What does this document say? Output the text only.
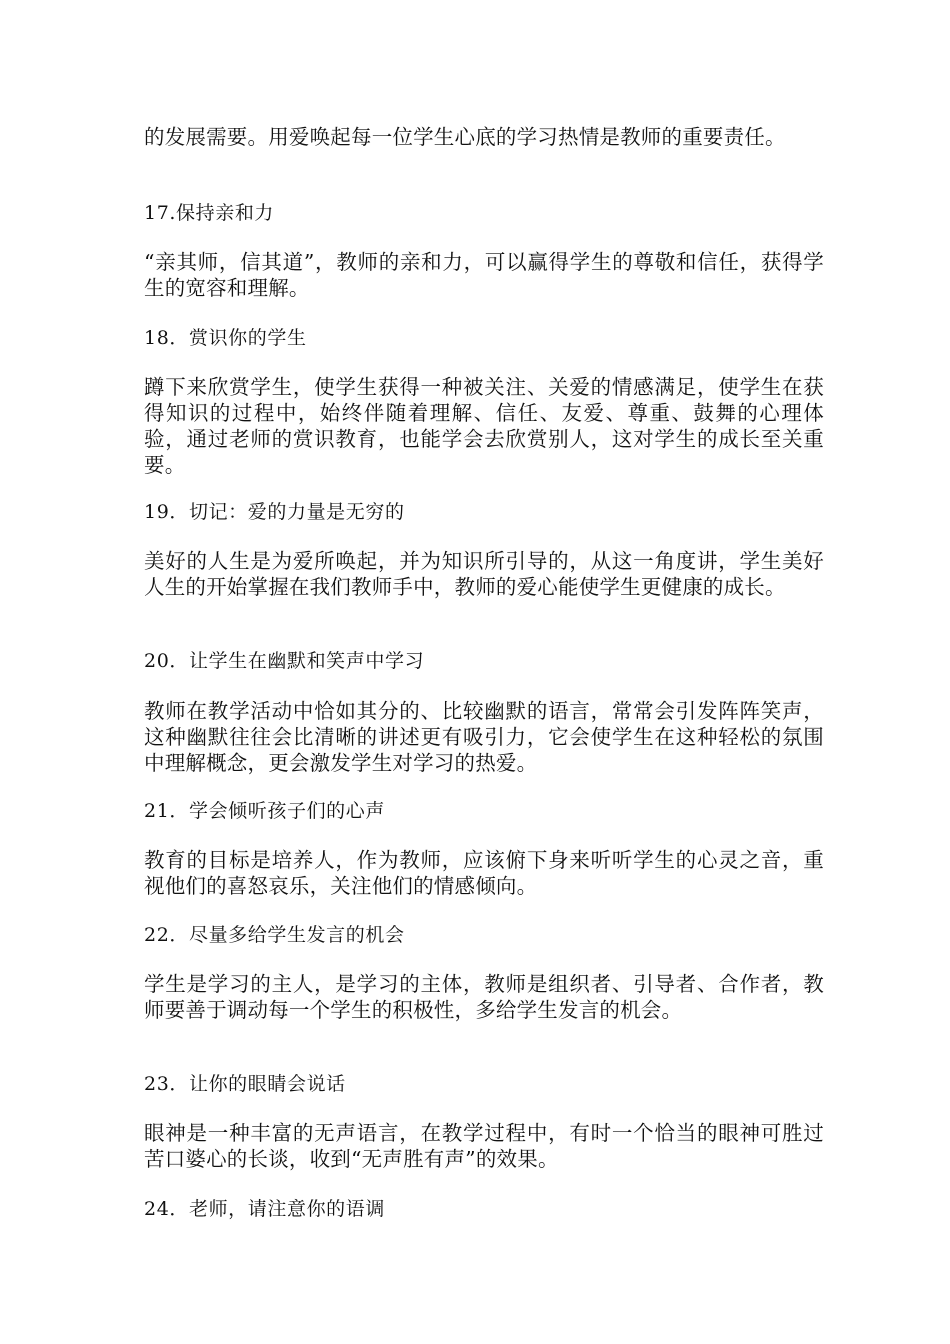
的发展需要。用爱唤起每一位学生心底的学习热情是教师的重要责任。

17.保持亲和力

“亲其师，信其道”，教师的亲和力，可以赢得学生的尊敬和信任，获得学生的宽容和理解。

18．赏识你的学生

蹲下来欣赏学生，使学生获得一种被关注、关爱的情感满足，使学生在获得知识的过程中，始终伴随着理解、信任、友爱、尊重、鼓舞的心理体验，通过老师的赏识教育，也能学会去欣赏别人，这对学生的成长至关重要。

19．切记：爱的力量是无穷的

美好的人生是为爱所唤起，并为知识所引导的，从这一角度讲，学生美好人生的开始掌握在我们教师手中，教师的爱心能使学生更健康的成长。

20．让学生在幽默和笑声中学习

教师在教学活动中恰如其分的、比较幽默的语言，常常会引发阵阵笑声，这种幽默往往会比清晰的讲述更有吸引力，它会使学生在这种轻松的氛围中理解概念，更会激发学生对学习的热爱。

21．学会倾听孩子们的心声

教育的目标是培养人，作为教师，应该俯下身来听听学生的心灵之音，重视他们的喜怒哀乐，关注他们的情感倾向。

22．尽量多给学生发言的机会

学生是学习的主人，是学习的主体，教师是组织者、引导者、合作者，教师要善于调动每一个学生的积极性，多给学生发言的机会。

23．让你的眼睛会说话

眼神是一种丰富的无声语言，在教学过程中，有时一个恰当的眼神可胜过苦口婆心的长谈，收到“无声胜有声”的效果。

24．老师，请注意你的语调
